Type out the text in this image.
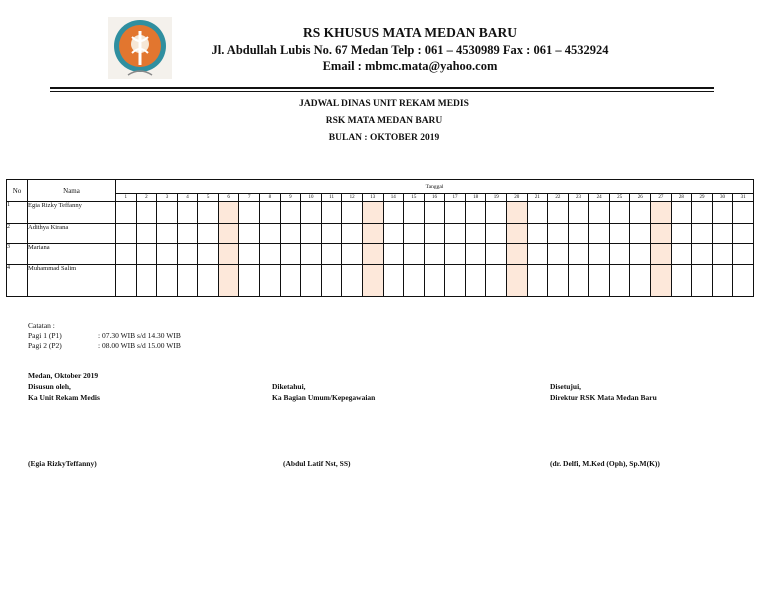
RS KHUSUS MATA MEDAN BARU
Jl. Abdullah Lubis No. 67 Medan Telp : 061 – 4530989 Fax : 061 – 4532924
Email : mbmc.mata@yahoo.com
JADWAL DINAS UNIT REKAM MEDIS
RSK MATA MEDAN BARU
BULAN : OKTOBER 2019
No	Nama	Tanggal																														
		1	2	3	4	5	6	7	8	9	10	11	12	13	14	15	16	17	18	19	20	21	22	23	24	25	26	27	28	29	30	31
1	Egia Rizky Teffanny																															
2	Adithya Kirana																															
3	Mariana																															
4	Muhammad Salim																															
Catatan :
Pagi 1 (P1)	: 07.30 WIB s/d 14.30 WIB
Pagi 2 (P2)	: 08.00 WIB s/d 15.00 WIB
Medan, Oktober 2019
Disusun oleh,
Ka Unit Rekam Medis
Diketahui,
Ka Bagian Umum/Kepegawaian
Disetujui,
Direktur RSK Mata Medan Baru
(Egia RizkyTeffanny)	(Abdul Latif Nst, SS)	(dr. Delfi, M.Ked (Oph), Sp.M(K))
